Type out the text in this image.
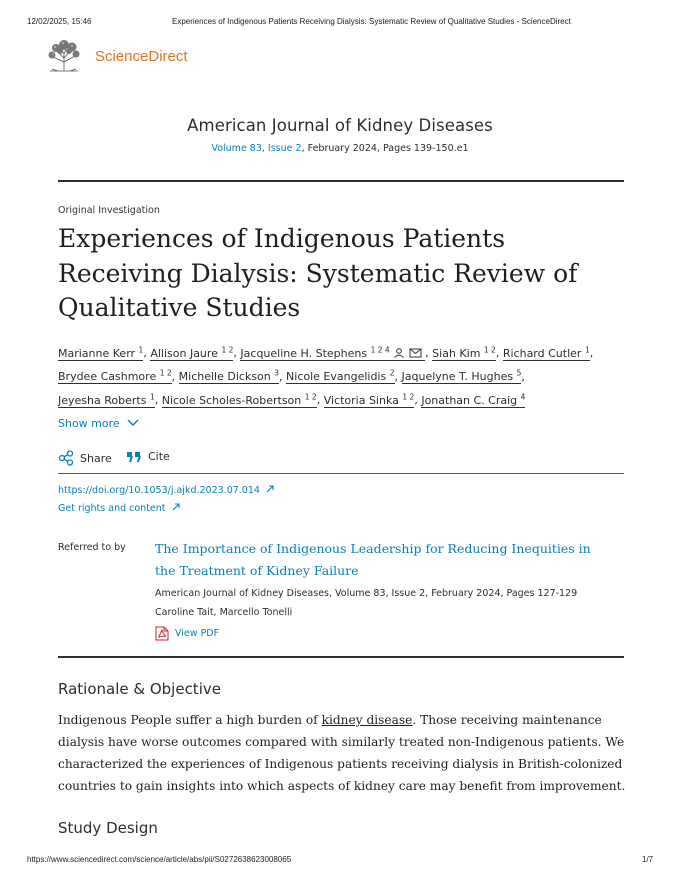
12/02/2025, 15:46	Experiences of Indigenous Patients Receiving Dialysis: Systematic Review of Qualitative Studies - ScienceDirect
ScienceDirect
American Journal of Kidney Diseases
Volume 83, Issue 2, February 2024, Pages 139-150.e1
Original Investigation
Experiences of Indigenous Patients Receiving Dialysis: Systematic Review of Qualitative Studies
Marianne Kerr $^1$, Allison Jaure $^{1 2}$, Jacqueline H. Stephens $^{1 2 4}$	, Siah Kim $^{1 2}$, Richard Cutler $^1$,
Brydee Cashmore $^{1 2}$, Michelle Dickson $^3$, Nicole Evangelidis $^2$, Jaquelyne T. Hughes $^5$,
Jeyesha Roberts $^1$, Nicole Scholes-Robertson $^{1 2}$, Victoria Sinka $^{1 2}$, Jonathan C. Craig $^4$
Show more
Share	Cite
https://doi.org/10.1053/j.ajkd.2023.07.014
Get rights and content
Referred to by The Importance of Indigenous Leadership for Reducing Inequities in the Treatment of Kidney Failure
American Journal of Kidney Diseases, Volume 83, Issue 2, February 2024, Pages 127-129
Caroline Tait, Marcello Tonelli
View PDF
Rationale & Objective
Indigenous People suffer a high burden of kidney disease. Those receiving maintenance dialysis have worse outcomes compared with similarly treated non-Indigenous patients. We characterized the experiences of Indigenous patients receiving dialysis in British-colonized countries to gain insights into which aspects of kidney care may benefit from improvement.
Study Design
https://www.sciencedirect.com/science/article/abs/pii/S0272638623008065	1/7
